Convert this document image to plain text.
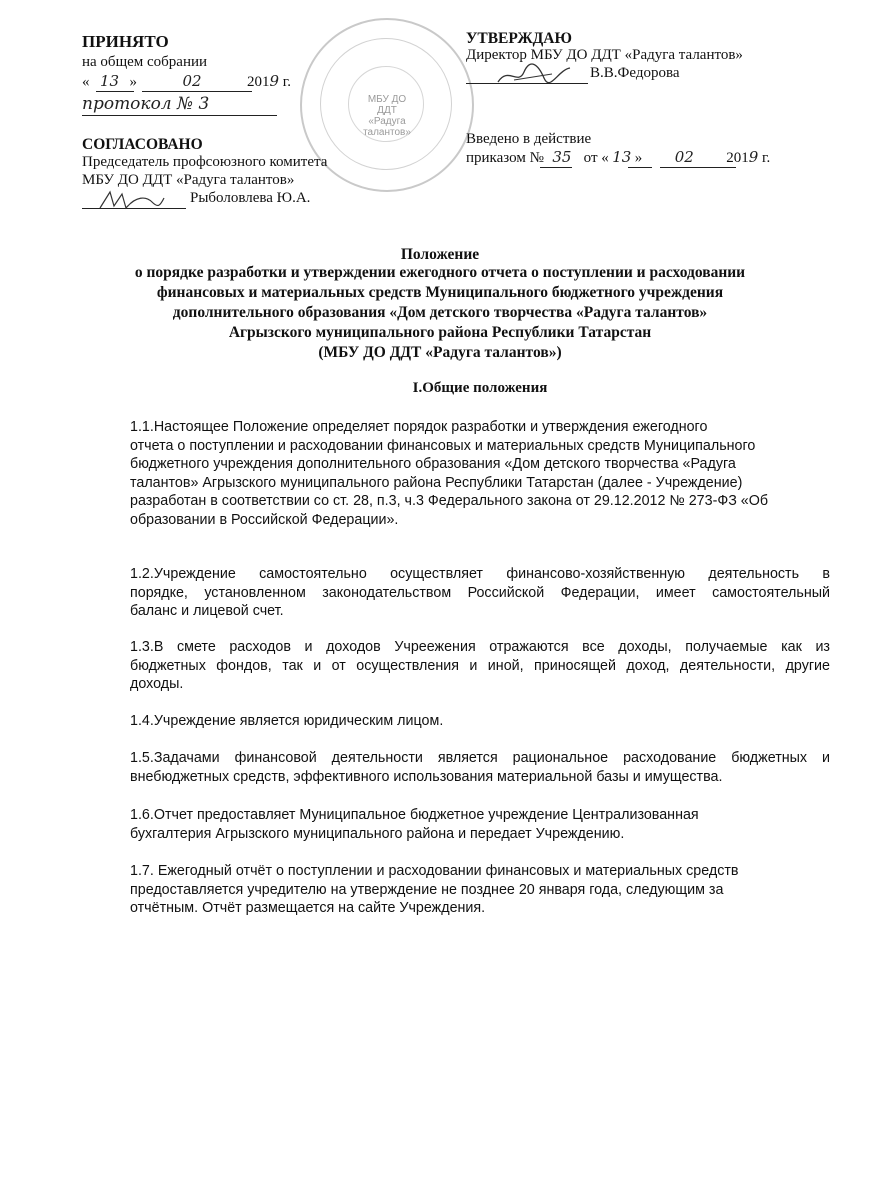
МБУ ДО
ДДТ
«Радуга
талантов»
ПРИНЯТО
на общем собрании
« 13 »	02	2019 г.
протокол № 3
УТВЕРЖДАЮ
Директор МБУ ДО ДДТ «Радуга талантов»
В.В.Федорова
Введено в действие
приказом № 35 от « 13 » 02 2019 г.
СОГЛАСОВАНО
Председатель профсоюзного комитета
МБУ ДО ДДТ «Радуга талантов»
Рыболовлева Ю.А.
Положение
о порядке разработки и утверждении ежегодного отчета о поступлении и расходовании
финансовых и материальных средств Муниципального бюджетного учреждения
дополнительного образования «Дом детского творчества «Радуга талантов»
Агрызского муниципального района Республики Татарстан
(МБУ ДО ДДТ «Радуга талантов»)
I.Общие положения
1.1.Настоящее Положение определяет порядок разработки и утверждения ежегодного
отчета о поступлении и расходовании финансовых и материальных средств Муниципального
бюджетного учреждения дополнительного образования «Дом детского творчества «Радуга
талантов» Агрызского муниципального района Республики Татарстан (далее - Учреждение)
разработан в соответствии со ст. 28, п.3, ч.3 Федерального закона от 29.12.2012 № 273-ФЗ «Об
образовании в Российской Федерации».
1.2.Учреждение самостоятельно осуществляет финансово-хозяйственную деятельность в
порядке, установленном законодательством Российской Федерации, имеет самостоятельный
баланс и лицевой счет.
1.3.В смете расходов и доходов Учреежения отражаются все доходы, получаемые как из
бюджетных фондов, так и от осуществления и иной, приносящей доход, деятельности, другие
доходы.
1.4.Учреждение является юридическим лицом.
1.5.Задачами финансовой деятельности является рациональное расходование бюджетных и
внебюджетных средств, эффективного использования материальной базы и имущества.
1.6.Отчет предоставляет Муниципальное бюджетное учреждение Централизованная
бухгалтерия Агрызского муниципального района и передает Учреждению.
1.7. Ежегодный отчёт о поступлении и расходовании финансовых и материальных средств
предоставляется учредителю на утверждение не позднее 20 января года, следующим за
отчётным. Отчёт размещается на сайте Учреждения.
